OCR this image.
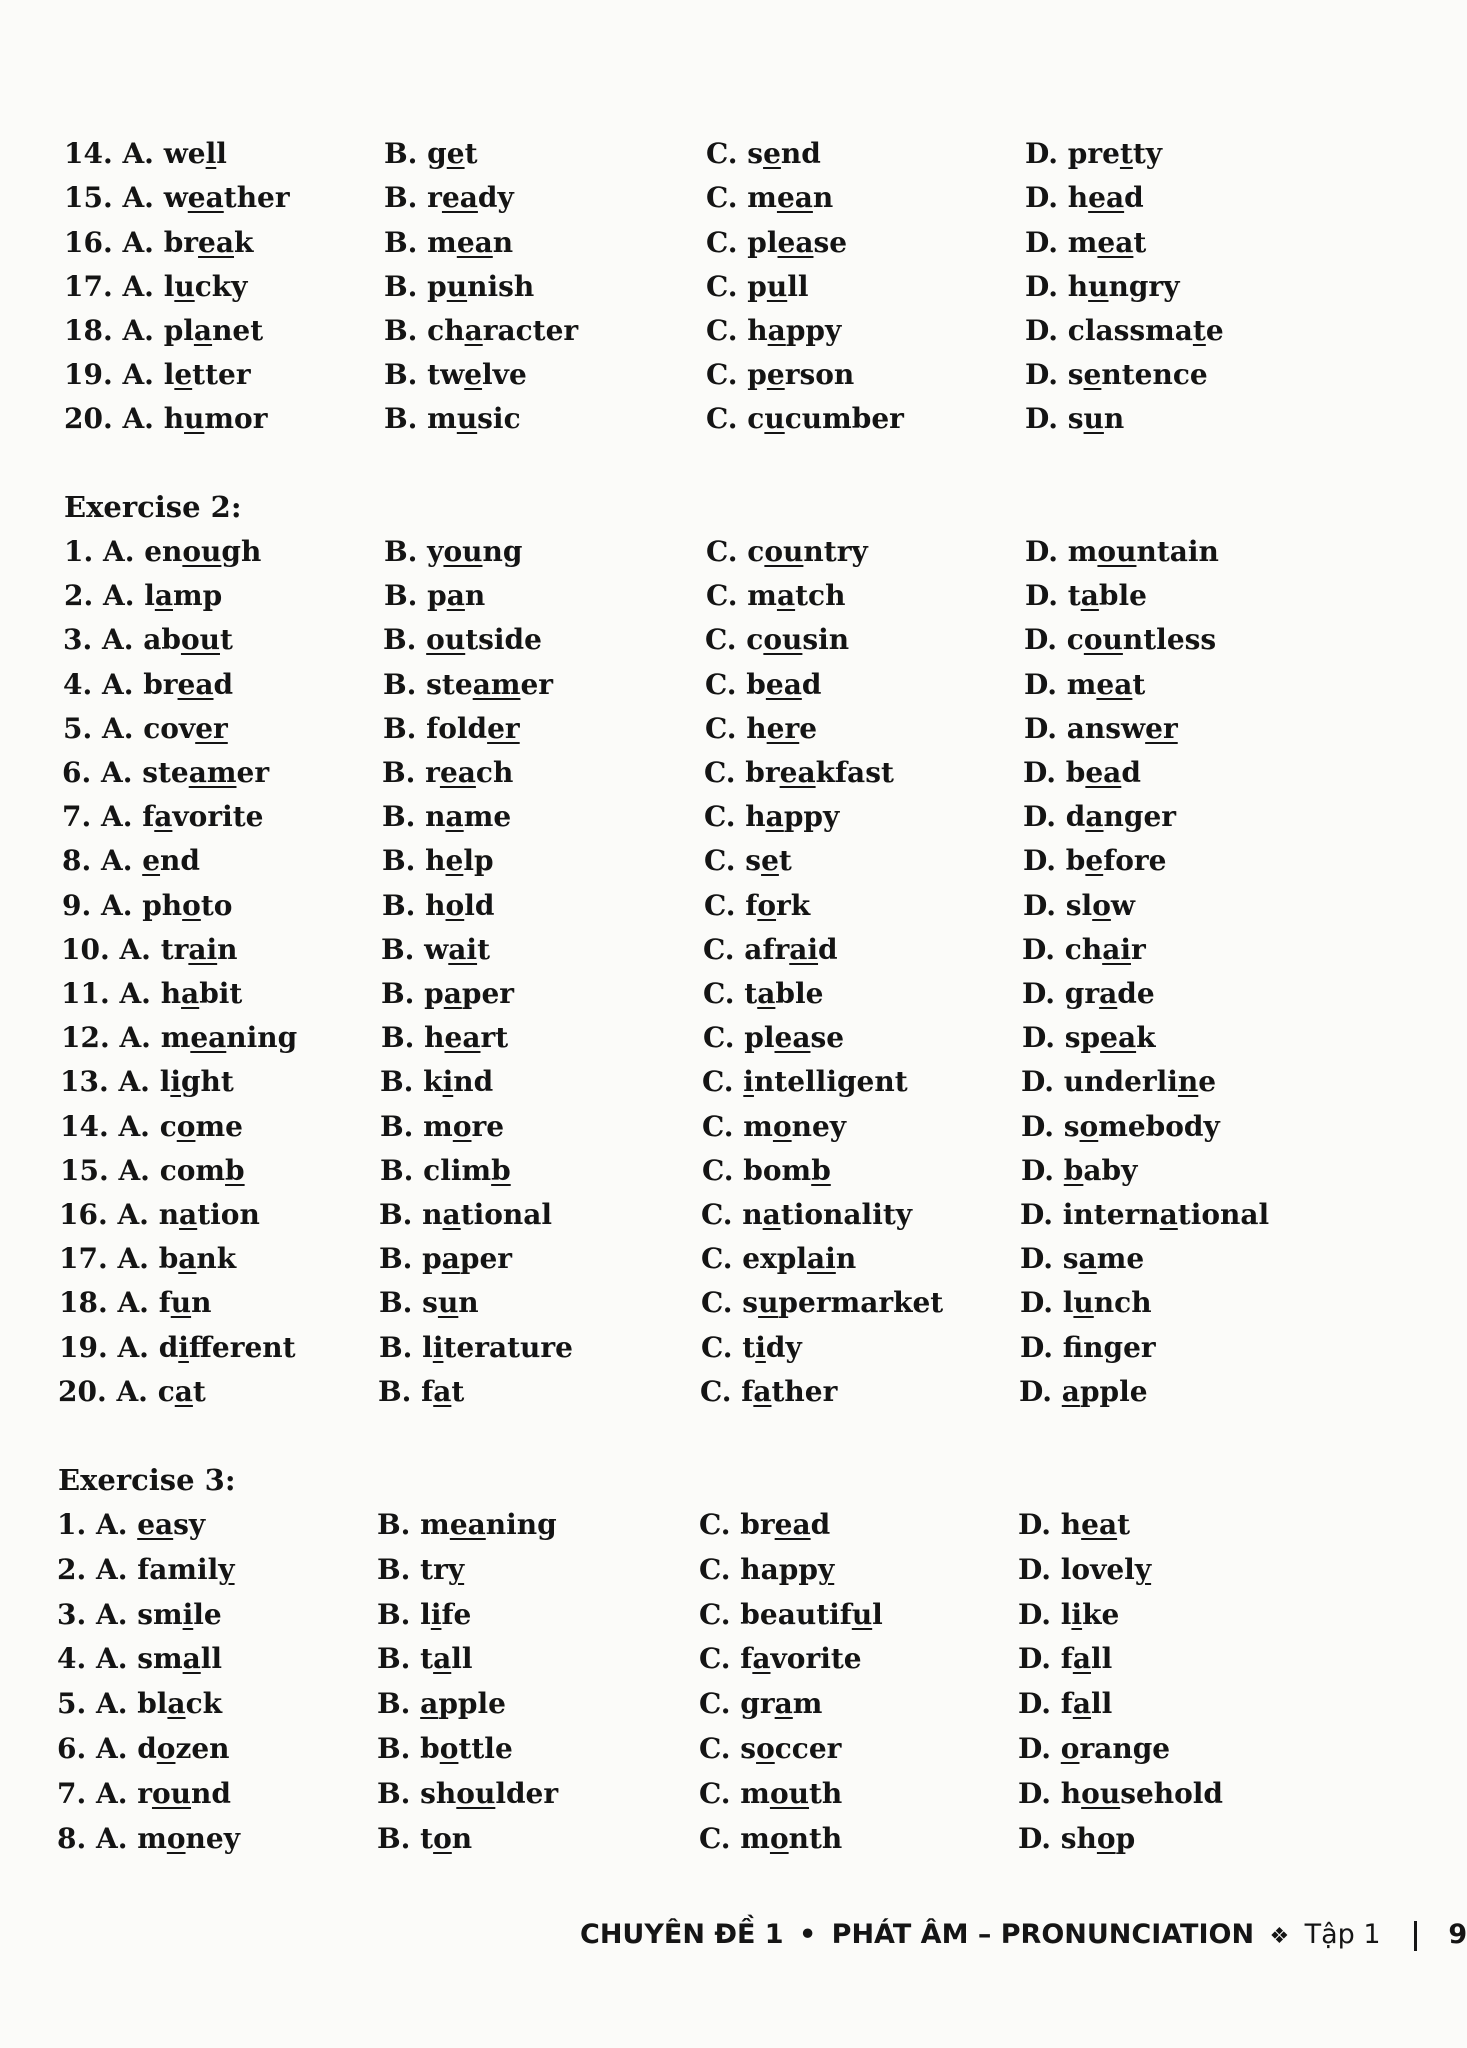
14. A. well	B. get	C. send	D. pretty
15. A. weather	B. ready	C. mean	D. head
16. A. break	B. mean	C. please	D. meat
17. A. lucky	B. punish	C. pull	D. hungry
18. A. planet	B. character	C. happy	D. classmate
19. A. letter	B. twelve	C. person	D. sentence
20. A. humor	B. music	C. cucumber	D. sun
Exercise 2:
1. A. enough	B. young	C. country	D. mountain
2. A. lamp	B. pan	C. match	D. table
3. A. about	B. outside	C. cousin	D. countless
4. A. bread	B. steamer	C. bead	D. meat
5. A. cover	B. folder	C. here	D. answer
6. A. steamer	B. reach	C. breakfast	D. bead
7. A. favorite	B. name	C. happy	D. danger
8. A. end	B. help	C. set	D. before
9. A. photo	B. hold	C. fork	D. slow
10. A. train	B. wait	C. afraid	D. chair
11. A. habit	B. paper	C. table	D. grade
12. A. meaning	B. heart	C. please	D. speak
13. A. light	B. kind	C. intelligent	D. underline
14. A. come	B. more	C. money	D. somebody
15. A. comb	B. climb	C. bomb	D. baby
16. A. nation	B. national	C. nationality	D. international
17. A. bank	B. paper	C. explain	D. same
18. A. fun	B. sun	C. supermarket	D. lunch
19. A. different	B. literature	C. tidy	D. fnger
20. A. cat	B. fat	C. father	D. apple
Exercise 3:
1. A. easy	B. meaning	C. bread	D. heat
2. A. family	B. try	C. happy	D. lovely
3. A. smile	B. life	C. beautiful	D. like
4. A. small	B. tall	C. favorite	D. fall
5. A. black	B. apple	C. gram	D. fall
6. A. dozen	B. bottle	C. soccer	D. orange
7. A. round	B. shoulder	C. mouth	D. household
8. A. money	B. ton	C. month	D. shop
CHUYÊN ĐỀ 1 • PHÁT ÂM – PRONUNCIATION ❖ Tập 1	9
